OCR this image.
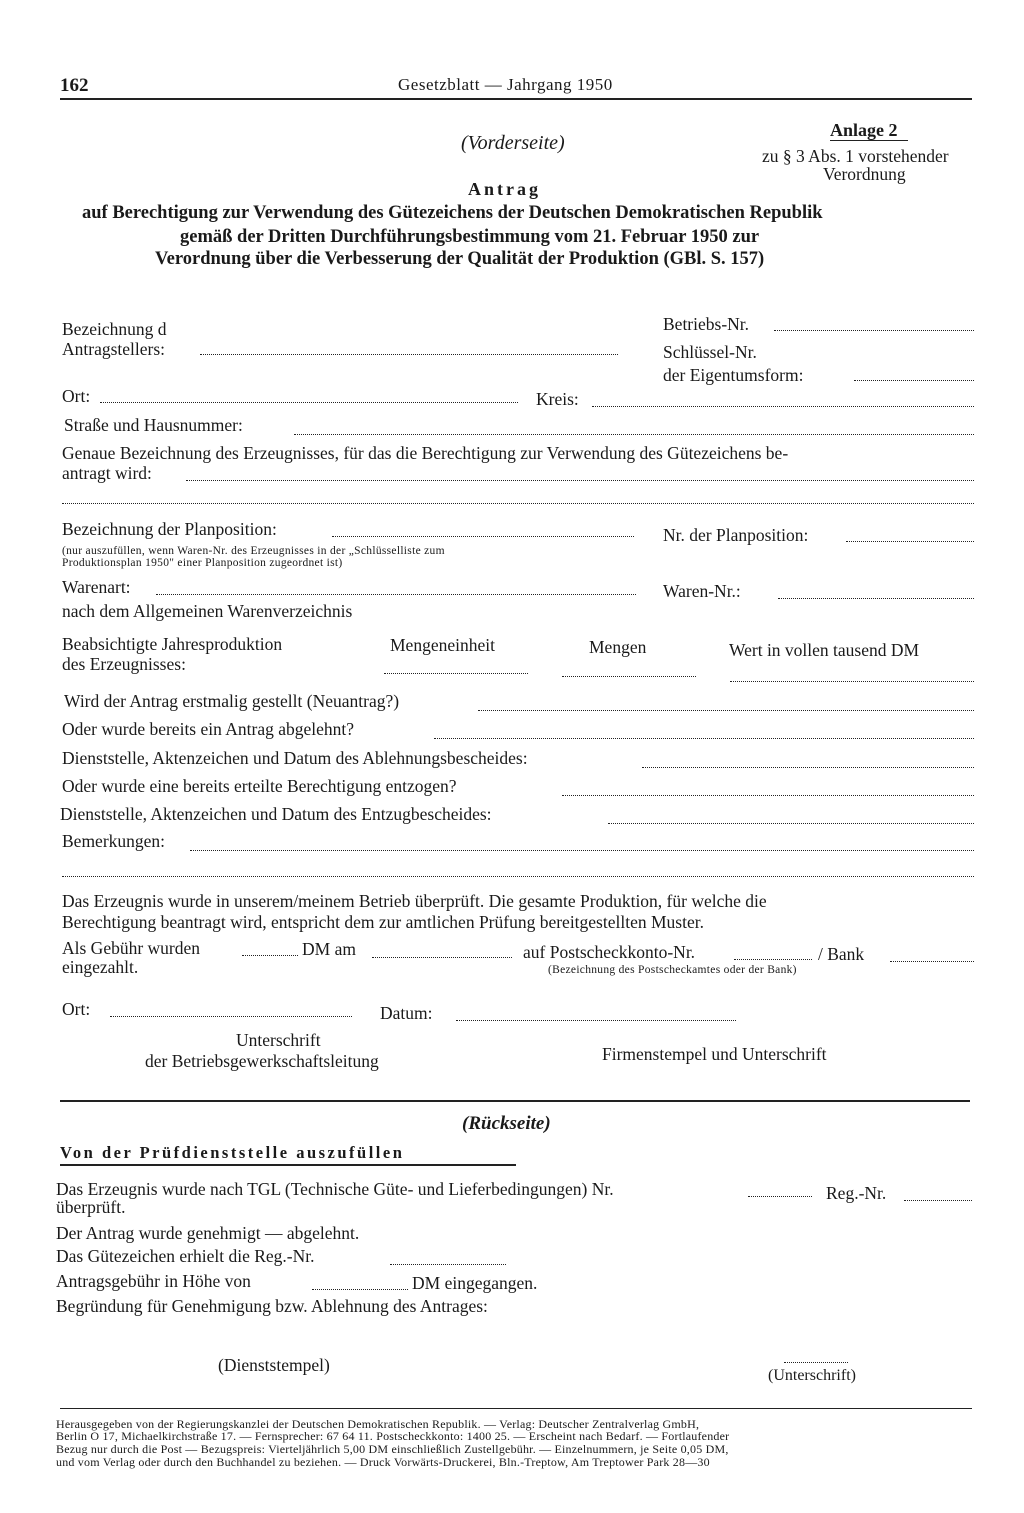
162	Gesetzblatt — Jahrgang 1950
Anlage 2
zu § 3 Abs. 1 vorstehender
Verordnung
(Vorderseite)
Antrag
auf Berechtigung zur Verwendung des Gütezeichens der Deutschen Demokratischen Republik
gemäß der Dritten Durchführungsbestimmung vom 21. Februar 1950 zur
Verordnung über die Verbesserung der Qualität der Produktion (GBl. S. 157)
Bezeichnung d
Antragstellers:
Betriebs-Nr.
Schlüssel-Nr.
der Eigentumsform:
Ort:	Kreis:
Straße und Hausnummer:
Genaue Bezeichnung des Erzeugnisses, für das die Berechtigung zur Verwendung des Gütezeichens be-
antragt wird:
Bezeichnung der Planposition:	Nr. der Planposition:
(nur auszufüllen, wenn Waren-Nr. des Erzeugnisses in der „Schlüsselliste zum
Produktionsplan 1950" einer Planposition zugeordnet ist)
Warenart:	Waren-Nr.:
nach dem Allgemeinen Warenverzeichnis
Beabsichtigte Jahresproduktion
des Erzeugnisses:
Mengeneinheit	Mengen	Wert in vollen tausend DM
Wird der Antrag erstmalig gestellt (Neuantrag?)
Oder wurde bereits ein Antrag abgelehnt?
Dienststelle, Aktenzeichen und Datum des Ablehnungsbescheides:
Oder wurde eine bereits erteilte Berechtigung entzogen?
Dienststelle, Aktenzeichen und Datum des Entzugbescheides:
Bemerkungen:
Das Erzeugnis wurde in unserem/meinem Betrieb überprüft. Die gesamte Produktion, für welche die
Berechtigung beantragt wird, entspricht dem zur amtlichen Prüfung bereitgestellten Muster.
Als Gebühr wurden	DM am	auf Postscheckkonto-Nr.	/ Bank
eingezahlt.	(Bezeichnung des Postscheckamtes oder der Bank)
Ort:	Datum:
Unterschrift
der Betriebsgewerkschaftsleitung	Firmenstempel und Unterschrift
(Rückseite)
Von der Prüfdienststelle auszufüllen
Das Erzeugnis wurde nach TGL (Technische Güte- und Lieferbedingungen) Nr.	Reg.-Nr.
überprüft.
Der Antrag wurde genehmigt — abgelehnt.
Das Gütezeichen erhielt die Reg.-Nr.
Antragsgebühr in Höhe von	DM eingegangen.
Begründung für Genehmigung bzw. Ablehnung des Antrages:
(Dienststempel)
(Unterschrift)
Herausgegeben von der Regierungskanzlei der Deutschen Demokratischen Republik. — Verlag: Deutscher Zentralverlag GmbH,
Berlin O 17, Michaelkirchstraße 17. — Fernsprecher: 67 64 11. Postscheckkonto: 1400 25. — Erscheint nach Bedarf. — Fortlaufender
Bezug nur durch die Post — Bezugspreis: Vierteljährlich 5,00 DM einschließlich Zustellgebühr. — Einzelnummern, je Seite 0,05 DM,
und vom Verlag oder durch den Buchhandel zu beziehen. — Druck Vorwärts-Druckerei, Bln.-Treptow, Am Treptower Park 28—30
